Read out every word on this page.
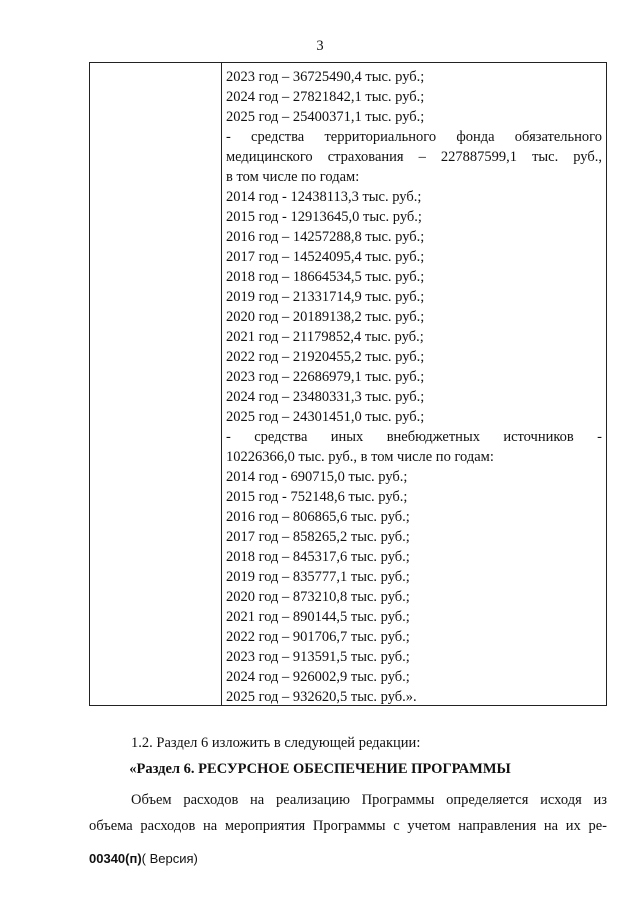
3
2023 год – 36725490,4 тыс. руб.;
2024 год – 27821842,1 тыс. руб.;
2025 год – 25400371,1 тыс. руб.;
- средства территориального фонда обязательного
медицинского страхования – 227887599,1 тыс. руб.,
в том числе по годам:
2014 год - 12438113,3 тыс. руб.;
2015 год - 12913645,0 тыс. руб.;
2016 год – 14257288,8 тыс. руб.;
2017 год – 14524095,4 тыс. руб.;
2018 год – 18664534,5 тыс. руб.;
2019 год – 21331714,9 тыс. руб.;
2020 год – 20189138,2 тыс. руб.;
2021 год – 21179852,4 тыс. руб.;
2022 год – 21920455,2 тыс. руб.;
2023 год – 22686979,1 тыс. руб.;
2024 год – 23480331,3 тыс. руб.;
2025 год – 24301451,0 тыс. руб.;
- средства иных внебюджетных источников -
10226366,0 тыс. руб., в том числе по годам:
2014 год - 690715,0 тыс. руб.;
2015 год - 752148,6 тыс. руб.;
2016 год – 806865,6 тыс. руб.;
2017 год – 858265,2 тыс. руб.;
2018 год – 845317,6 тыс. руб.;
2019 год – 835777,1 тыс. руб.;
2020 год – 873210,8 тыс. руб.;
2021 год – 890144,5 тыс. руб.;
2022 год – 901706,7 тыс. руб.;
2023 год – 913591,5 тыс. руб.;
2024 год – 926002,9 тыс. руб.;
2025 год – 932620,5 тыс. руб.».
1.2. Раздел 6 изложить в следующей редакции:
«Раздел 6. РЕСУРСНОЕ ОБЕСПЕЧЕНИЕ ПРОГРАММЫ
Объем расходов на реализацию Программы определяется исходя из
объема расходов на мероприятия Программы с учетом направления на их ре-
00340(п)( Версия)
